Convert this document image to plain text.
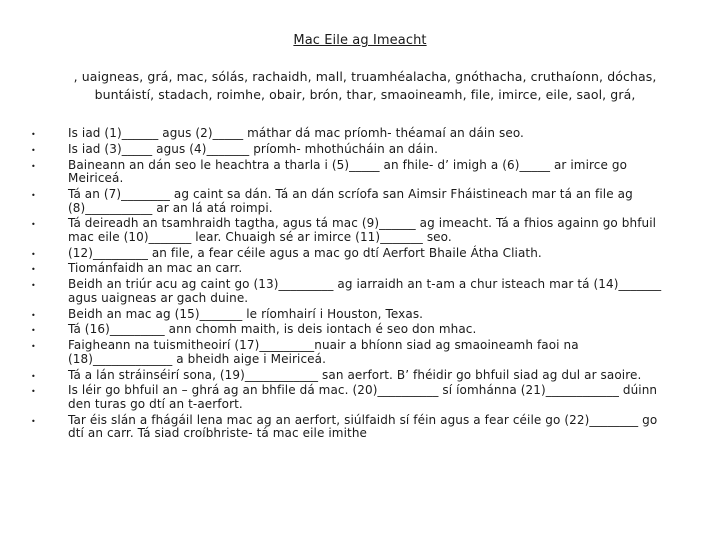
Mac Eile ag Imeacht
, uaigneas, grá, mac, sólás, rachaidh, mall, truamhéalacha, gnóthacha, cruthaíonn, dóchas,
buntáistí, stadach, roimhe, obair, brón, thar, smaoineamh, file, imirce, eile, saol, grá,
•	Is iad (1)______ agus (2)_____ máthar dá mac príomh- théamaí an dáin seo.
•	Is iad (3)_____ agus (4)_______ príomh- mhothúcháin an dáin.
•	Baineann an dán seo le heachtra a tharla i (5)_____ an fhile- d’ imigh a (6)_____ ar imirce go Meiriceá.
•	Tá an (7)________ ag caint sa dán. Tá an dán scríofa san Aimsir Fháistineach mar tá an file ag (8)___________ ar an lá atá roimpi.
•	Tá deireadh an tsamhraidh tagtha, agus tá mac (9)______ ag imeacht. Tá a fhios againn go bhfuil mac eile (10)_______ lear. Chuaigh sé ar imirce (11)_______ seo.
•	(12)_________ an file, a fear céile agus a mac go dtí Aerfort Bhaile Átha Cliath.
•	Tiománfaidh an mac an carr.
•	Beidh an triúr acu ag caint go (13)_________ ag iarraidh an t-am a chur isteach mar tá (14)_______ agus uaigneas ar gach duine.
•	Beidh an mac ag (15)_______ le ríomhairí i Houston, Texas.
•	Tá (16)_________ ann chomh maith, is deis iontach é seo don mhac.
•	Faigheann na tuismitheoirí (17)_________nuair a bhíonn siad ag smaoineamh faoi na (18)_____________ a bheidh aige i Meiriceá.
•	Tá a lán stráinséirí sona, (19)____________ san aerfort. B’ fhéidir go bhfuil siad ag dul ar saoire.
•	Is léir go bhfuil an – ghrá ag an bhfile dá mac. (20)__________ sí íomhánna (21)____________ dúinn den turas go dtí an t-aerfort.
•	Tar éis slán a fhágáil lena mac ag an aerfort, siúlfaidh sí féin agus a fear céile go (22)________ go dtí an carr. Tá siad croíbhriste- tá mac eile imithe
